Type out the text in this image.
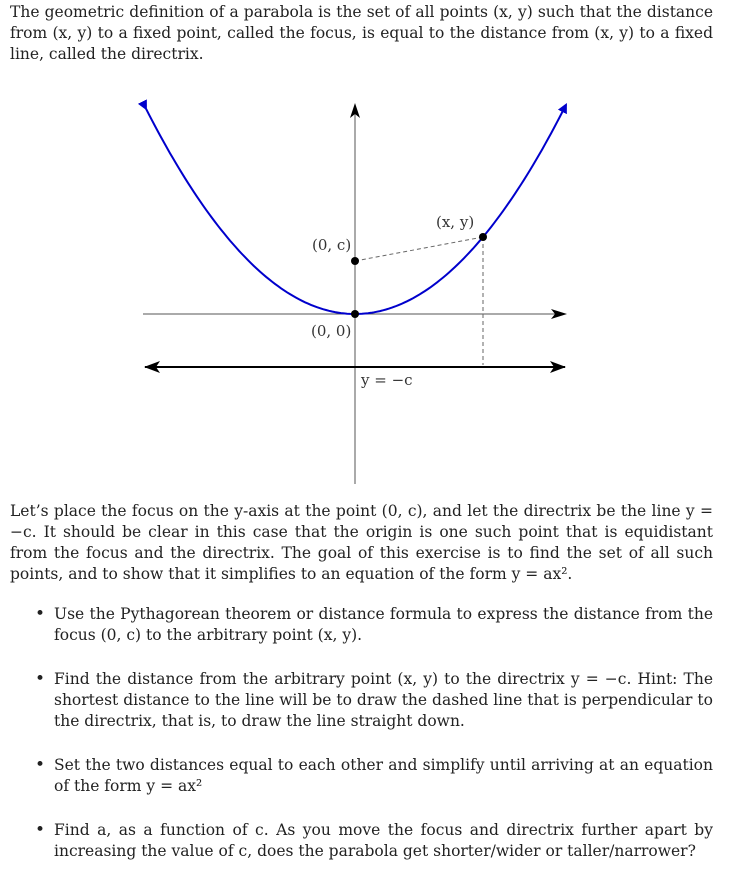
The geometric definition of a parabola is the set of all points (x, y) such that the distance from (x, y) to a fixed point, called the focus, is equal to the distance from (x, y) to a fixed line, called the directrix.

(x, y)
(0, c)
(0, 0)
y = −c

Let’s place the focus on the y-axis at the point (0, c), and let the directrix be the line y = −c. It should be clear in this case that the origin is one such point that is equidistant from the focus and the directrix. The goal of this exercise is to find the set of all such points, and to show that it simplifies to an equation of the form y = ax².

• Use the Pythagorean theorem or distance formula to express the distance from the focus (0, c) to the arbitrary point (x, y).
• Find the distance from the arbitrary point (x, y) to the directrix y = −c. Hint: The shortest distance to the line will be to draw the dashed line that is perpendicular to the directrix, that is, to draw the line straight down.
• Set the two distances equal to each other and simplify until arriving at an equation of the form y = ax²
• Find a, as a function of c. As you move the focus and directrix further apart by increasing the value of c, does the parabola get shorter/wider or taller/narrower?
